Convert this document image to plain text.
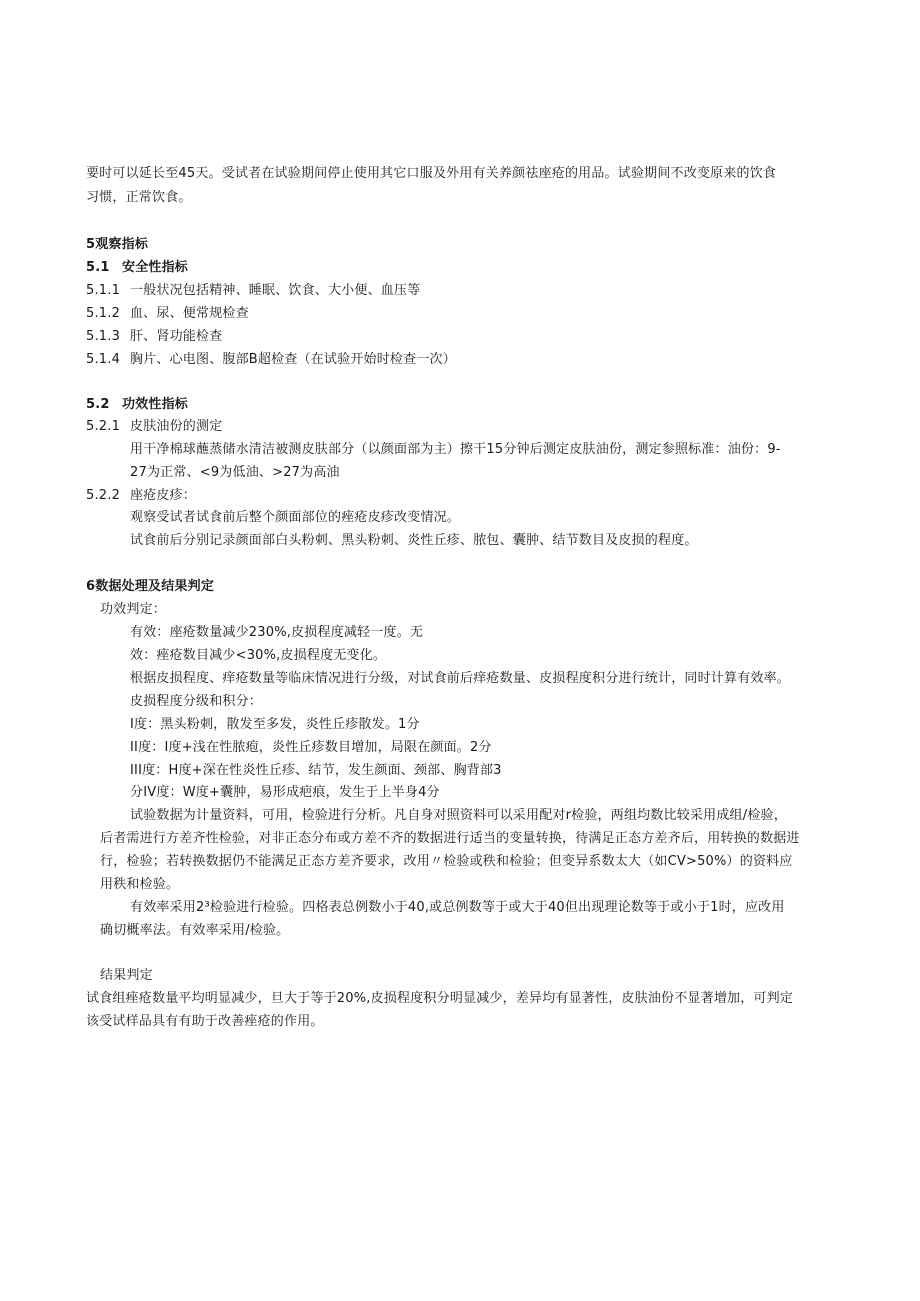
要时可以延长至45天。受试者在试验期间停止使用其它口服及外用有关养颜祛座疮的用品。试验期间不改变原来的饮食
习惯，正常饮食。
5观察指标
5.1 安全性指标
5.1.1 一般状况包括精神、睡眠、饮食、大小便、血压等
5.1.2 血、尿、便常规检查
5.1.3 肝、肾功能检查
5.1.4 胸片、心电图、腹部B超检查（在试验开始时检查一次）
5.2 功效性指标
5.2.1 皮肤油份的测定
用干净棉球蘸蒸储水清洁被测皮肤部分（以颜面部为主）擦干15分钟后测定皮肤油份，测定参照标准：油份：9-
27为正常、<9为低油、>27为高油
5.2.2 座疮皮疹：
观察受试者试食前后整个颜面部位的痤疮皮疹改变情况。
试食前后分别记录颜面部白头粉刺、黑头粉刺、炎性丘疹、脓包、囊肿、结节数目及皮损的程度。
6数据处理及结果判定
功效判定：
有效：座疮数量减少230%,皮损程度减轻一度。无
效：痤疮数目减少<30%,皮损程度无变化。
根据皮损程度、痒疮数量等临床情况进行分级，对试食前后痒疮数量、皮损程度积分进行统计，同时计算有效率。
皮损程度分级和积分：
I度：黑头粉刺，散发至多发，炎性丘疹散发。1分
II度：I度+浅在性脓疱，炎性丘疹数目增加，局限在颜面。2分
III度：H度+深在性炎性丘疹、结节，发生颜面、颈部、胸背部3
分IV度：W度+囊肿，易形成疤痕，发生于上半身4分
试验数据为计量资料，可用，检验进行分析。凡自身对照资料可以采用配对r检验，两组均数比较采用成组/检验，
后者需进行方差齐性检验，对非正态分布或方差不齐的数据进行适当的变量转换，待满足正态方差齐后，用转换的数据进
行，检验；若转换数据仍不能满足正态方差齐要求，改用〃检验或秩和检验；但变异系数太大（如CV>50%）的资料应
用秩和检验。
有效率采用2³检验进行检验。四格表总例数小于40,或总例数等于或大于40但出现理论数等于或小于1时，应改用
确切概率法。有效率采用/检验。
结果判定
试食组痤疮数量平均明显减少，旦大于等于20%,皮损程度积分明显减少，差异均有显著性，皮肤油份不显著增加，可判定
该受试样品具有有助于改善痤疮的作用。
